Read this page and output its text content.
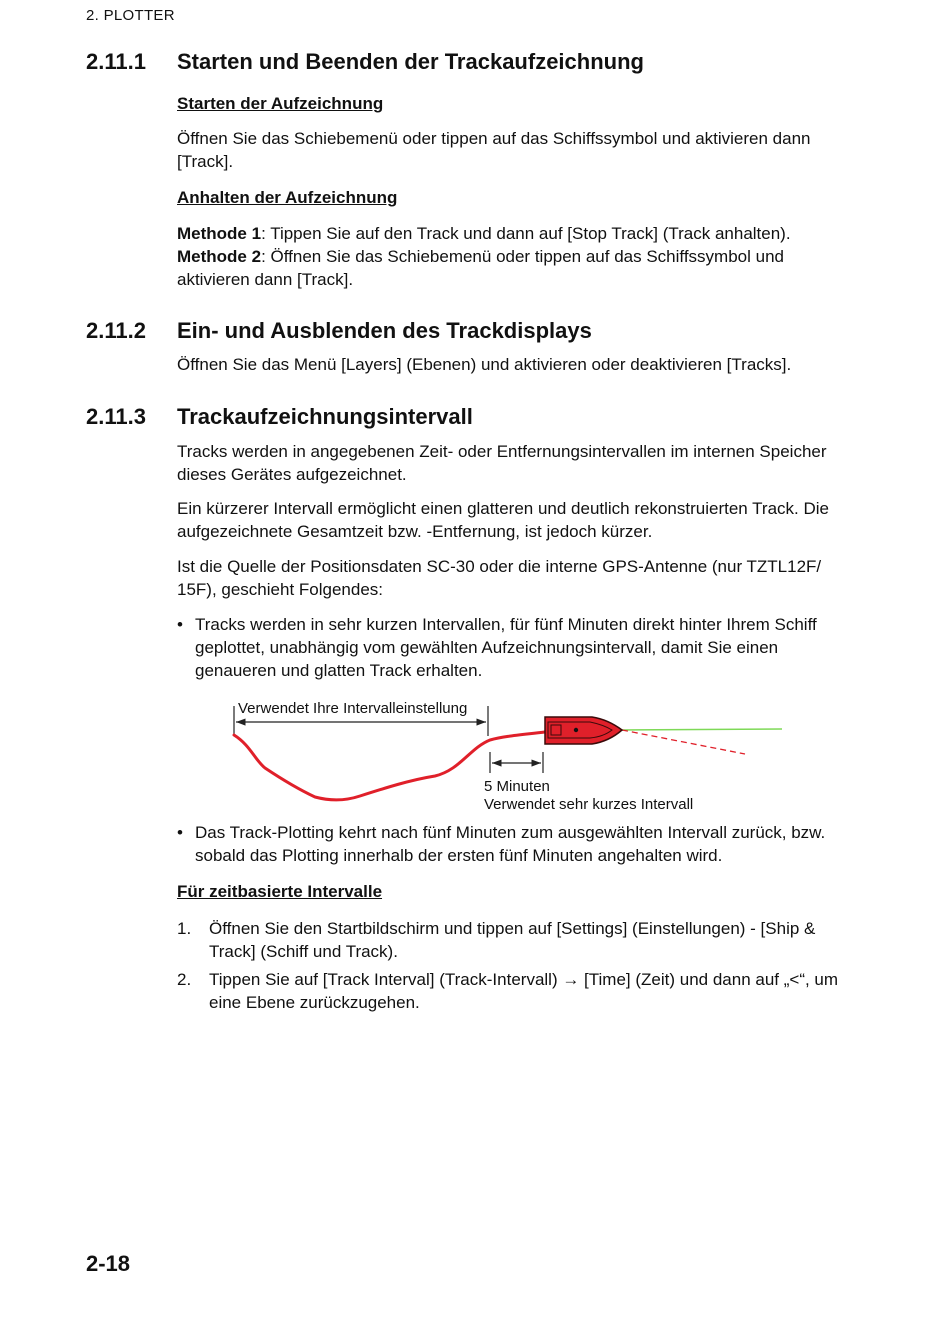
2. PLOTTER
2.11.1 Starten und Beenden der Trackaufzeichnung
Starten der Aufzeichnung
Öffnen Sie das Schiebemenü oder tippen auf das Schiffssymbol und aktivieren dann [Track].
Anhalten der Aufzeichnung
Methode 1: Tippen Sie auf den Track und dann auf [Stop Track] (Track anhalten).
Methode 2: Öffnen Sie das Schiebemenü oder tippen auf das Schiffssymbol und aktivieren dann [Track].
2.11.2 Ein- und Ausblenden des Trackdisplays
Öffnen Sie das Menü [Layers] (Ebenen) und aktivieren oder deaktivieren [Tracks].
2.11.3 Trackaufzeichnungsintervall
Tracks werden in angegebenen Zeit- oder Entfernungsintervallen im internen Speicher dieses Gerätes aufgezeichnet.
Ein kürzerer Intervall ermöglicht einen glatteren und deutlich rekonstruierten Track. Die aufgezeichnete Gesamtzeit bzw. -Entfernung, ist jedoch kürzer.
Ist die Quelle der Positionsdaten SC-30 oder die interne GPS-Antenne (nur TZTL12F/ 15F), geschieht Folgendes:
• Tracks werden in sehr kurzen Intervallen, für fünf Minuten direkt hinter Ihrem Schiff geplottet, unabhängig vom gewählten Aufzeichnungsintervall, damit Sie einen genaueren und glatten Track erhalten.
Verwendet Ihre Intervalleinstellung
5 Minuten
Verwendet sehr kurzes Intervall
• Das Track-Plotting kehrt nach fünf Minuten zum ausgewählten Intervall zurück, bzw. sobald das Plotting innerhalb der ersten fünf Minuten angehalten wird.
Für zeitbasierte Intervalle
1. Öffnen Sie den Startbildschirm und tippen auf [Settings] (Einstellungen) - [Ship & Track] (Schiff und Track).
2. Tippen Sie auf [Track Interval] (Track-Intervall) → [Time] (Zeit) und dann auf „<“, um eine Ebene zurückzugehen.
2-18
